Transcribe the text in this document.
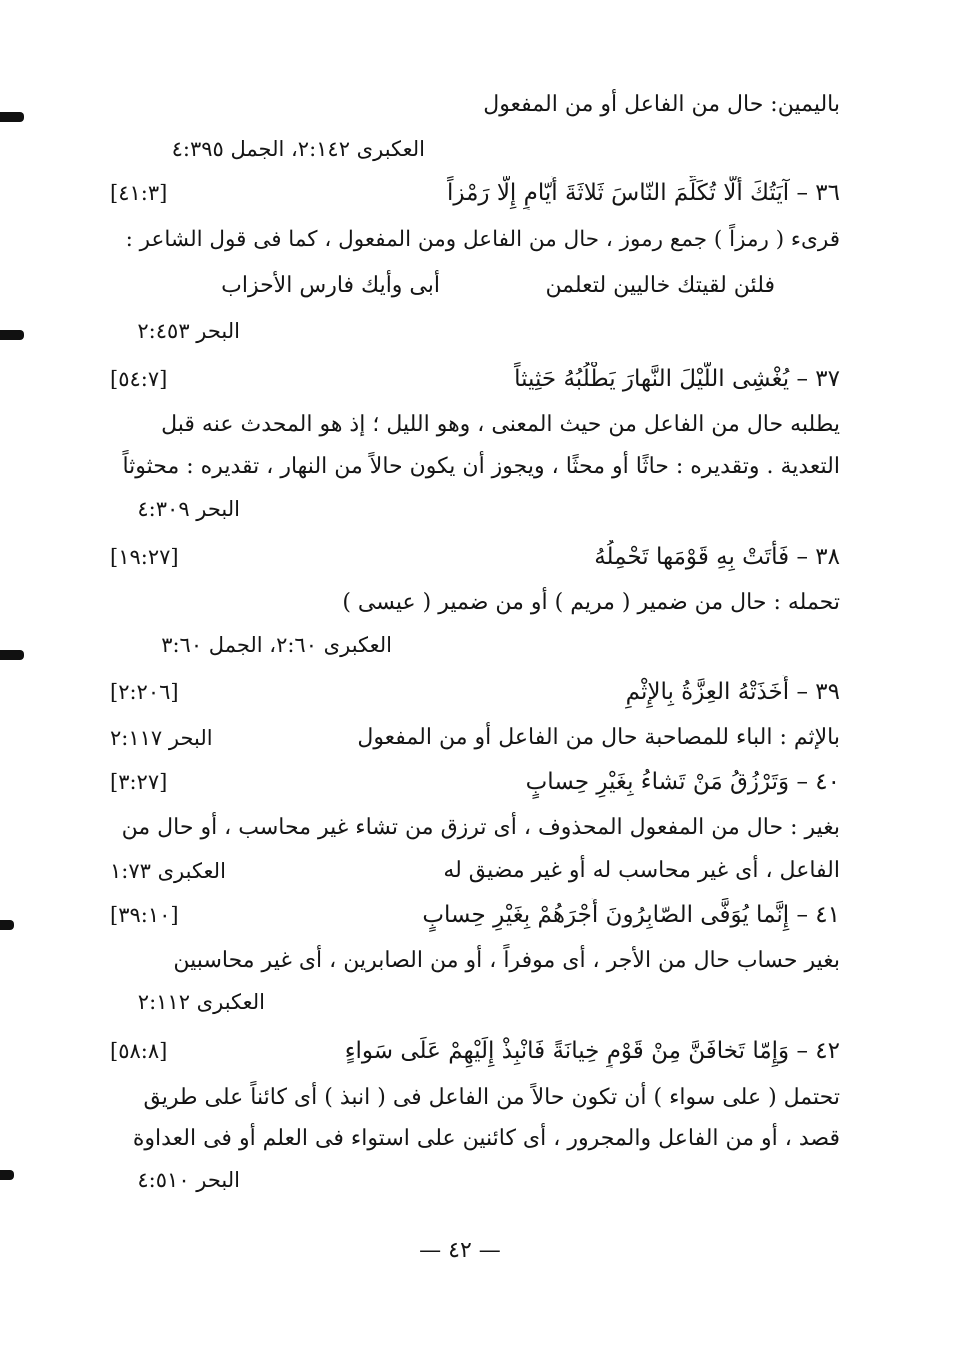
بالیمین: حال من الفاعل أو من المفعول
العکبری ۲:۱٤۲، الجمل ٤:۳۹٥
۳٦ – آیَتُكَ أَلَّا تُكَلِّمَ النّاسَ ثَلاثَةَ أَیّامٍ إِلَّا رَمْزاً
[۳:٤۱]
قرىء ( رمزاً ) جمع رموز ، حال من الفاعل ومن المفعول ، كما فى قول الشاعر :
فلئن لقيتك خاليين لتعلمن
أبى وأيك فارس الأحزاب
البحر ۲:٤٥۳
۳۷ – يُغْشِى اللَّيْلَ النَّهارَ يَطْلُبُهُ حَثِيثاً
[۷:٥٤]
يطلبه حال من الفاعل من حيث المعنى ، وهو الليل ؛ إذ هو المحدث عنه قبل
التعدية . وتقديره : حاثًا أو محثًا ، ويجوز أن يكون حالاً من النهار ، تقديره : محثوثاً
البحر ٤:۳۰۹
۳۸ – فَأَتَتْ بِهِ قَوْمَها تَحْمِلُهُ
[۱۹:۲۷]
تحمله : حال من ضمير ( مريم ) أو من ضمير ( عيسى )
العکبری ۲:٦۰، الجمل ۳:٦۰
۳۹ – أَخَذَتْهُ العِزَّةُ بِالإِثْمِ
[۲:۲۰٦]
بالإثم : الباء للمصاحبة حال من الفاعل أو من المفعول
البحر ۲:۱۱۷
٤۰ – وَتَرْزُقُ مَنْ تَشاءُ بِغَيْرِ حِسابٍ
[۳:۲۷]
بغير : حال من المفعول المحذوف ، أى ترزق من تشاء غير محاسب ، أو حال من
الفاعل ، أى غير محاسب له أو غير مضيق له
العکبری ۱:۷۳
٤۱ – إِنَّما يُوَفَّى الصّابِرُونَ أَجْرَهُمْ بِغَيْرِ حِسابٍ
[۳۹:۱۰]
بغير حساب حال من الأجر ، أى موفراً ، أو من الصابرين ، أى غير محاسبين
العکبری ۲:۱۱۲
٤۲ – وَإِمّا تَخافَنَّ مِنْ قَوْمٍ خِيانَةً فَانْبِذْ إِلَيْهِمْ عَلَى سَواءٍ
[۸:٥۸]
تحتمل ( على سواء ) أن تكون حالاً من الفاعل فى ( انبذ ) أى كائناً على طريق
قصد ، أو من الفاعل والمجرور ، أى كائنين على استواء فى العلم أو فى العداوة
البحر ٤:٥۱۰
— ٤۲ —
